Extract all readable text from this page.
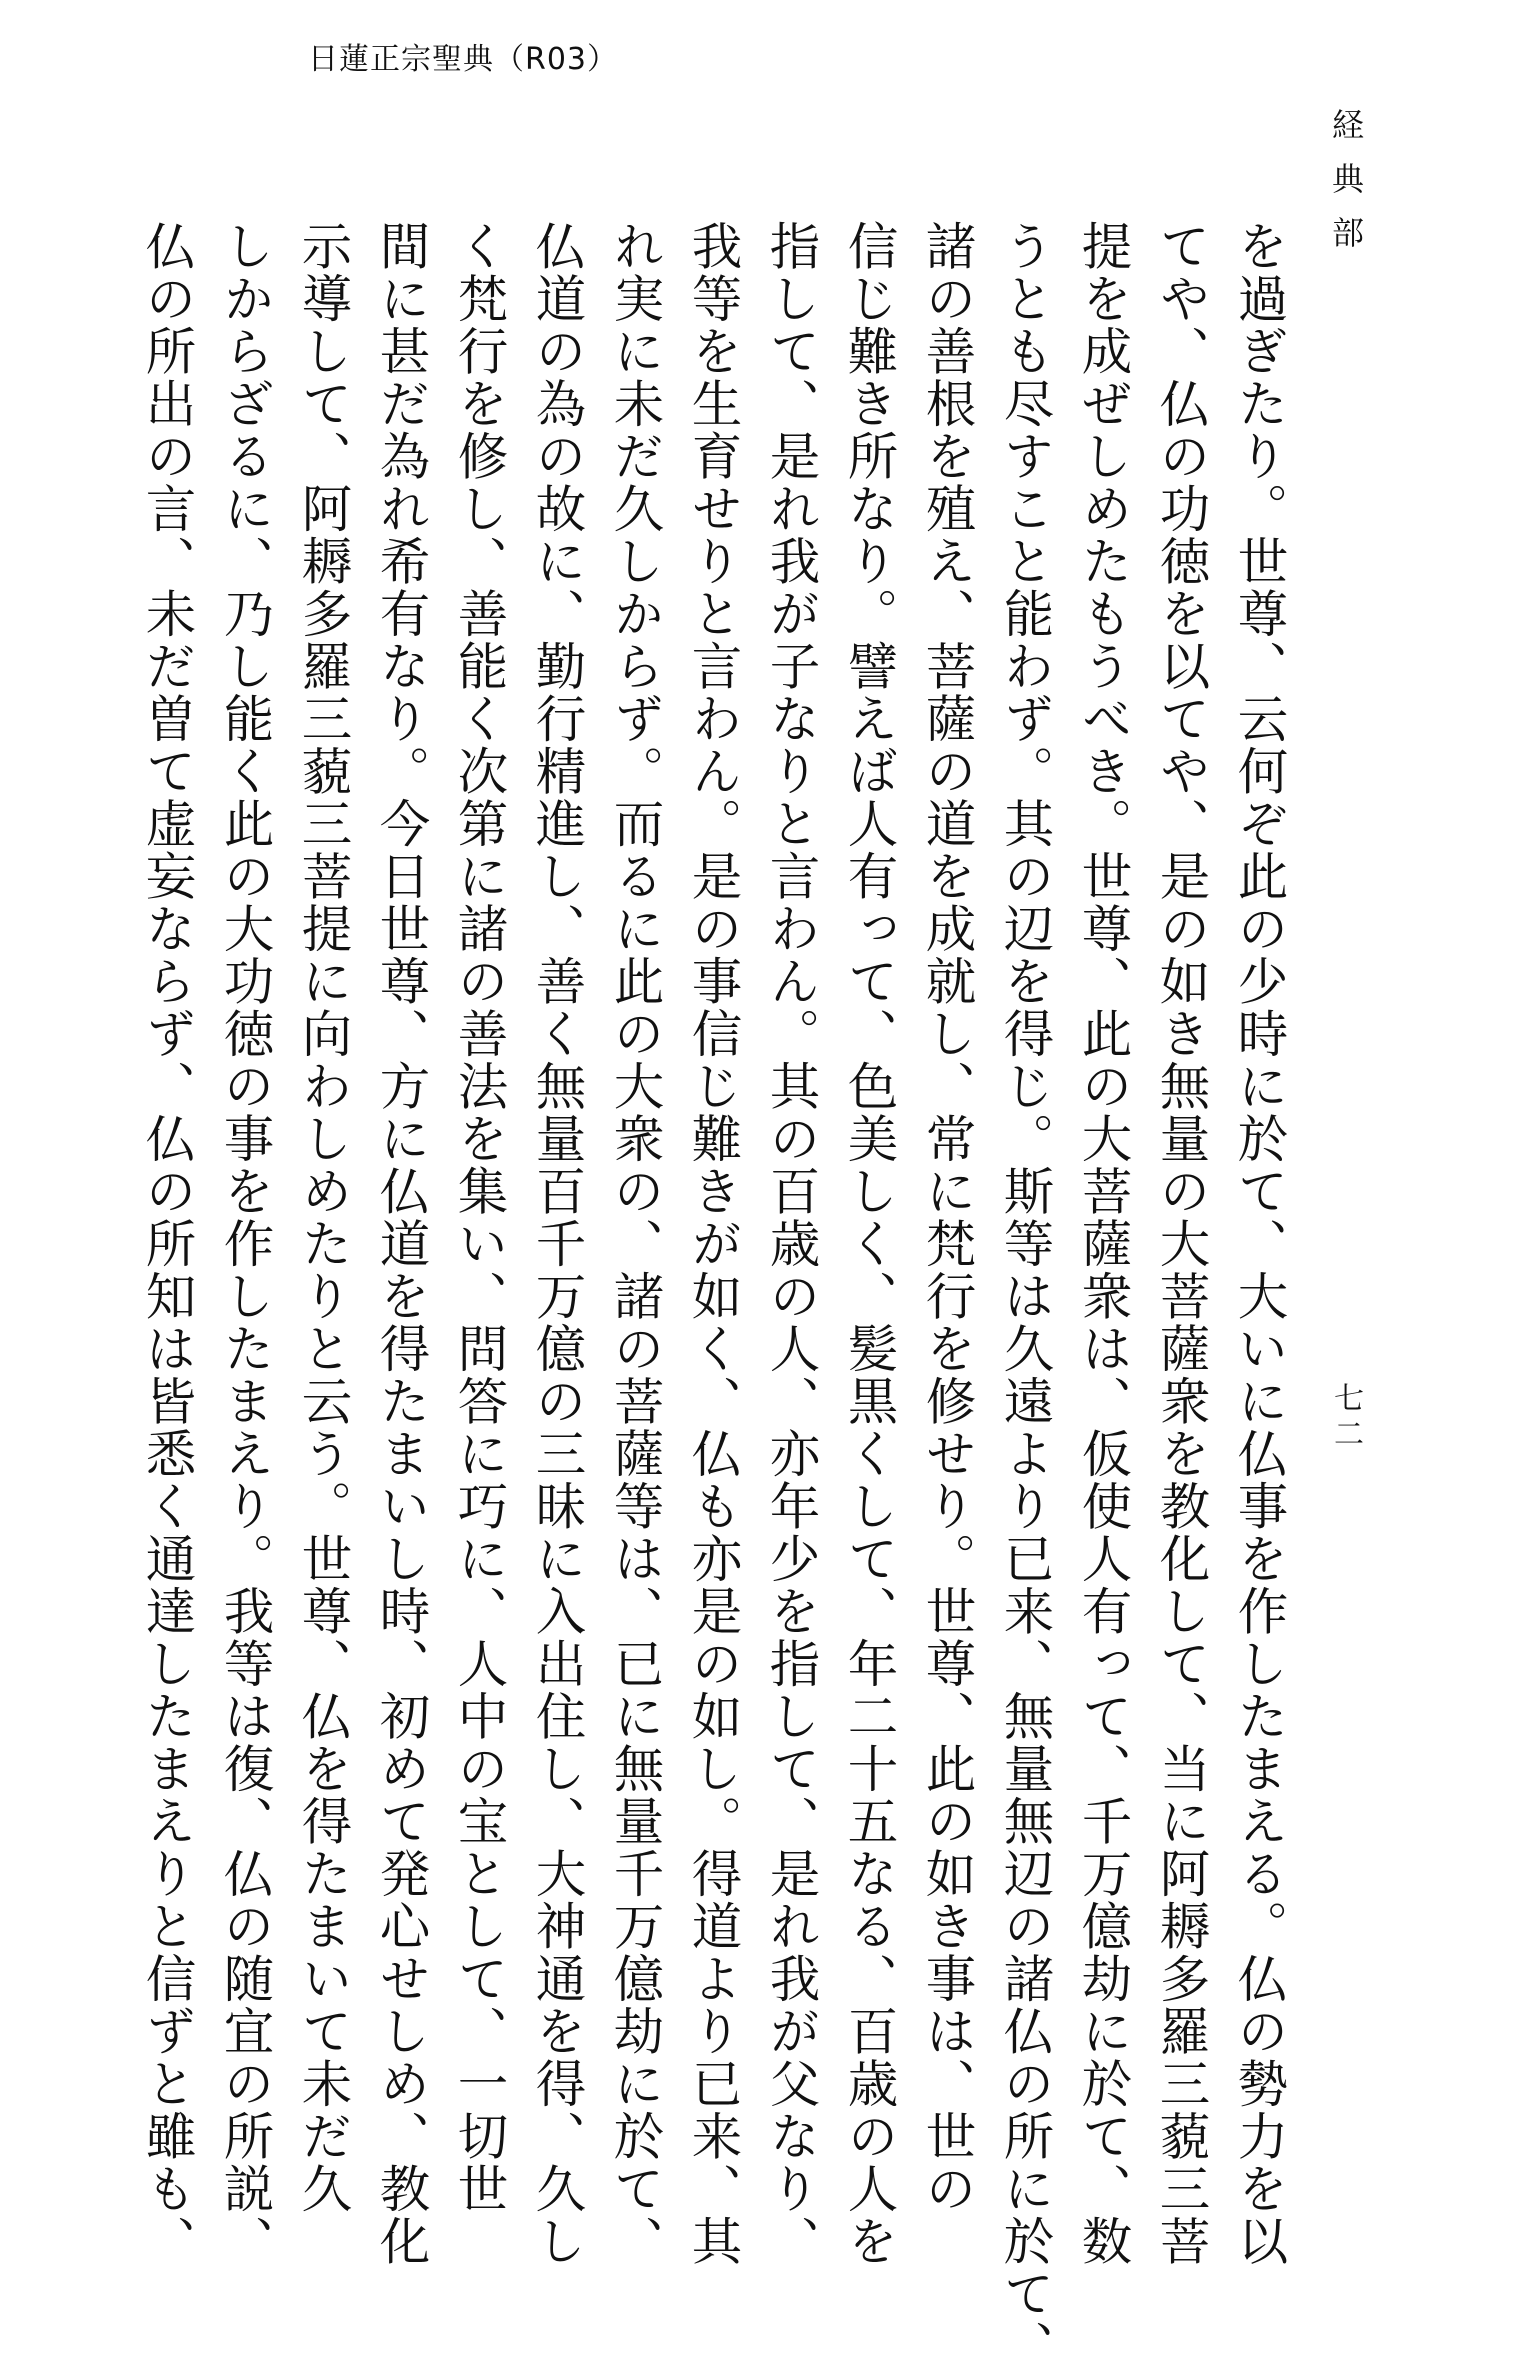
日蓮正宗聖典（R03）
経典部
七二
を過ぎたり。世尊、云何ぞ此の少時に於て、大いに仏事を作したまえる。仏の勢力を以
てや、仏の功徳を以てや、是の如き無量の大菩薩衆を教化して、当に阿耨多羅三藐三菩
提を成ぜしめたもうべき。世尊、此の大菩薩衆は、仮使人有って、千万億劫に於て、数
うとも尽すこと能わず。其の辺を得じ。斯等は久遠より已来、無量無辺の諸仏の所に於て、
諸の善根を殖え、菩薩の道を成就し、常に梵行を修せり。世尊、此の如き事は、世の
信じ難き所なり。譬えば人有って、色美しく、髪黒くして、年二十五なる、百歳の人を
指して、是れ我が子なりと言わん。其の百歳の人、亦年少を指して、是れ我が父なり、
我等を生育せりと言わん。是の事信じ難きが如く、仏も亦是の如し。得道より已来、其
れ実に未だ久しからず。而るに此の大衆の、諸の菩薩等は、已に無量千万億劫に於て、
仏道の為の故に、勤行精進し、善く無量百千万億の三昧に入出住し、大神通を得、久し
く梵行を修し、善能く次第に諸の善法を集い、問答に巧に、人中の宝として、一切世
間に甚だ為れ希有なり。今日世尊、方に仏道を得たまいし時、初めて発心せしめ、教化
示導して、阿耨多羅三藐三菩提に向わしめたりと云う。世尊、仏を得たまいて未だ久
しからざるに、乃し能く此の大功徳の事を作したまえり。我等は復、仏の随宜の所説、
仏の所出の言、未だ曽て虚妄ならず、仏の所知は皆悉く通達したまえりと信ずと雖も、
